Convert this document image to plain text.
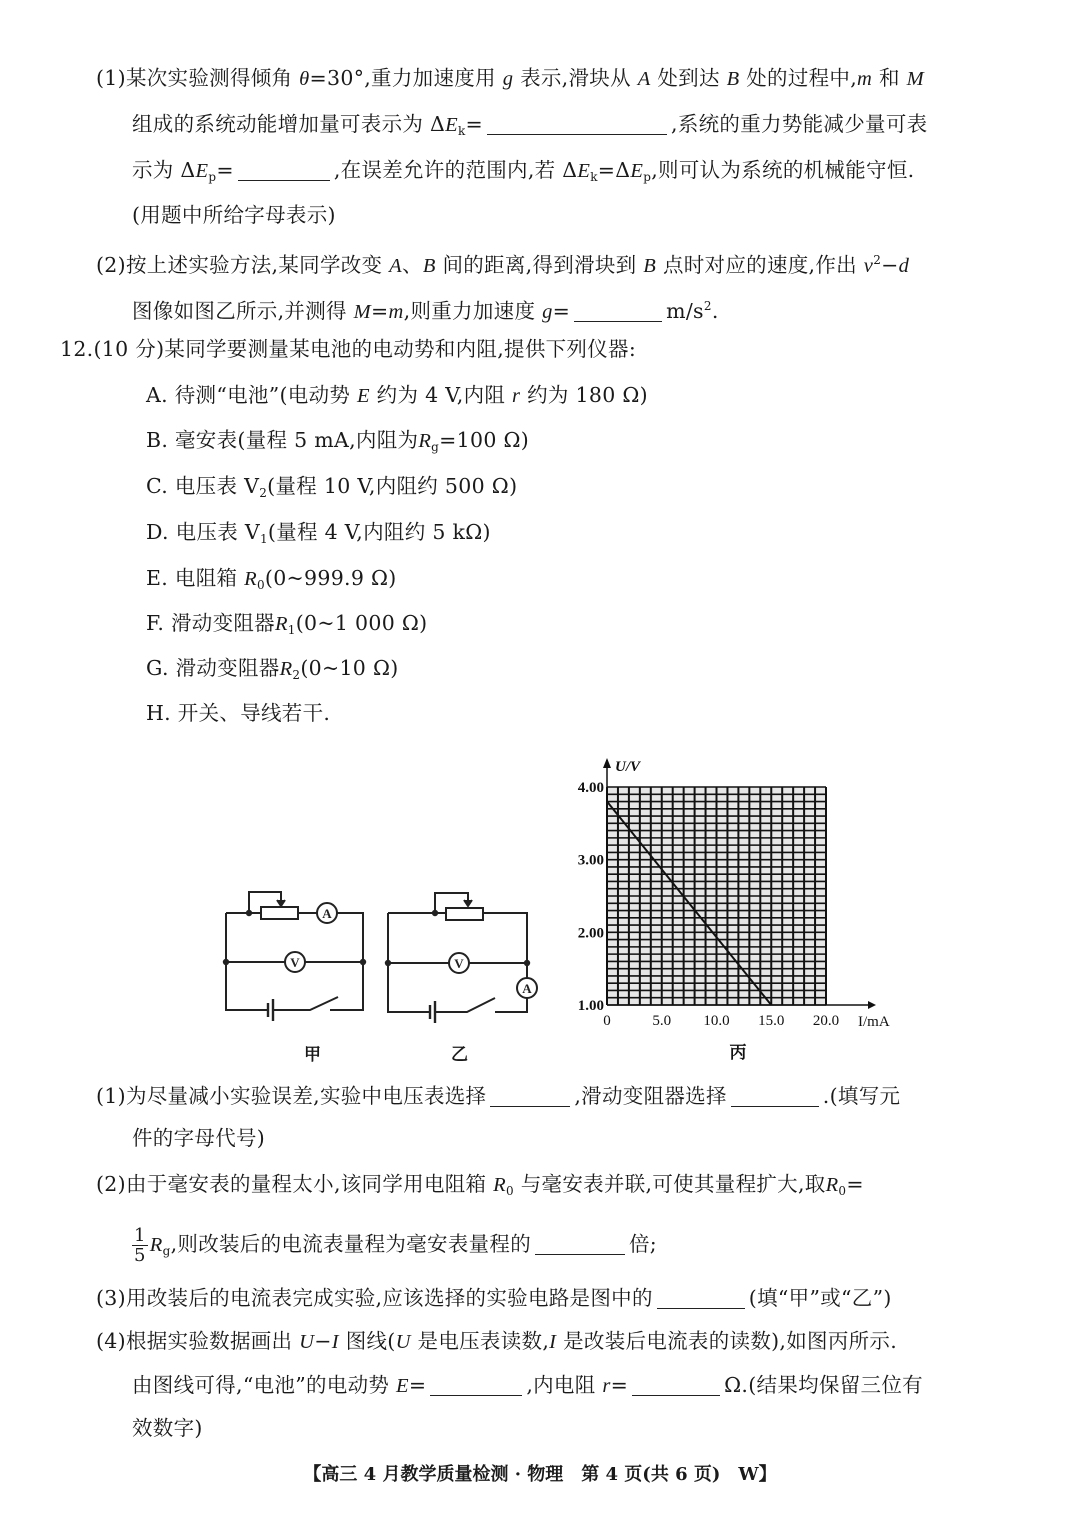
(1)某次实验测得倾角 θ=30°,重力加速度用 g 表示,滑块从 A 处到达 B 处的过程中,m 和 M
组成的系统动能增加量可表示为 $\Delta E_k=$	,系统的重力势能减少量可表
示为 $\Delta E_p=$	,在误差允许的范围内,若 $\Delta E_k=\Delta E_p$,则可认为系统的机械能守恒.
(用题中所给字母表示)
(2)按上述实验方法,某同学改变 A、B 间的距离,得到滑块到 B 点时对应的速度,作出 $v^2-d$
图像如图乙所示,并测得 M=m,则重力加速度 g=	$m/s^2$.
12.(10 分)某同学要测量某电池的电动势和内阻,提供下列仪器:
A. 待测“电池”(电动势 E 约为 4 V,内阻 r 约为 180 Ω)
B. 毫安表(量程 5 mA,内阻为$R_g=100$ Ω)
C. 电压表 $V_2$(量程 10 V,内阻约 500 Ω)
D. 电压表 $V_1$(量程 4 V,内阻约 5 kΩ)
E. 电阻箱 $R_0(0\sim 999.9$ Ω)
F. 滑动变阻器$R_1(0\sim 1$ 000 Ω)
G. 滑动变阻器$R_2(0\sim 10$ Ω)
H. 开关、导线若干.
(1)为尽量减小实验误差,实验中电压表选择	,滑动变阻器选择	.(填写元
件的字母代号)
(2)由于毫安表的量程太小,该同学用电阻箱 $R_0$ 与毫安表并联,可使其量程扩大,取$R_0=$
$\frac{1}{5} R_g$,则改装后的电流表量程为毫安表量程的	倍;
(3)用改装后的电流表完成实验,应该选择的实验电路是图中的	(填“甲”或“乙”)
(4)根据实验数据画出 U−I 图线(U 是电压表读数,I 是改装后电流表的读数),如图丙所示.
由图线可得,“电池”的电动势 E=	,内电阻 r=	Ω.(结果均保留三位有
效数字)
A
V	V
A
甲	乙
0	5.0 10.0 15.0 20.0
1.00
2.00
3.00
4.00
U/V
I/mA
丙
【高三 4 月教学质量检测 · 物理　第 4 页(共 6 页)　W】
